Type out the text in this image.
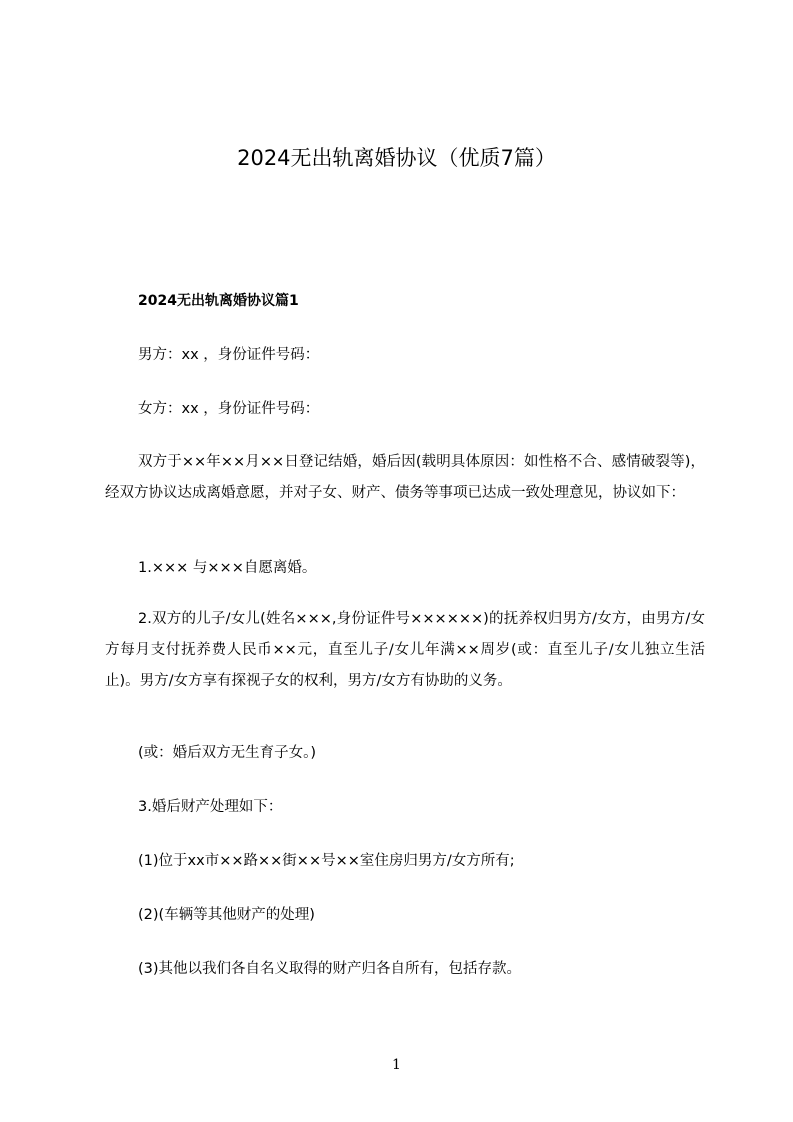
2024无出轨离婚协议（优质7篇）
2024无出轨离婚协议篇1
男方：xx ，身份证件号码：
女方：xx ，身份证件号码：
双方于××年××月××日登记结婚，婚后因(载明具体原因：如性格不合、感情破裂等)，经双方协议达成离婚意愿，并对子女、财产、债务等事项已达成一致处理意见，协议如下：
1.××× 与×××自愿离婚。
2.双方的儿子/女儿(姓名×××,身份证件号××××××)的抚养权归男方/女方，由男方/女方每月支付抚养费人民币××元，直至儿子/女儿年满××周岁(或：直至儿子/女儿独立生活止)。男方/女方享有探视子女的权利，男方/女方有协助的义务。
(或：婚后双方无生育子女。)
3.婚后财产处理如下：
(1)位于xx市××路××街××号××室住房归男方/女方所有;
(2)(车辆等其他财产的处理)
(3)其他以我们各自名义取得的财产归各自所有，包括存款。
1
